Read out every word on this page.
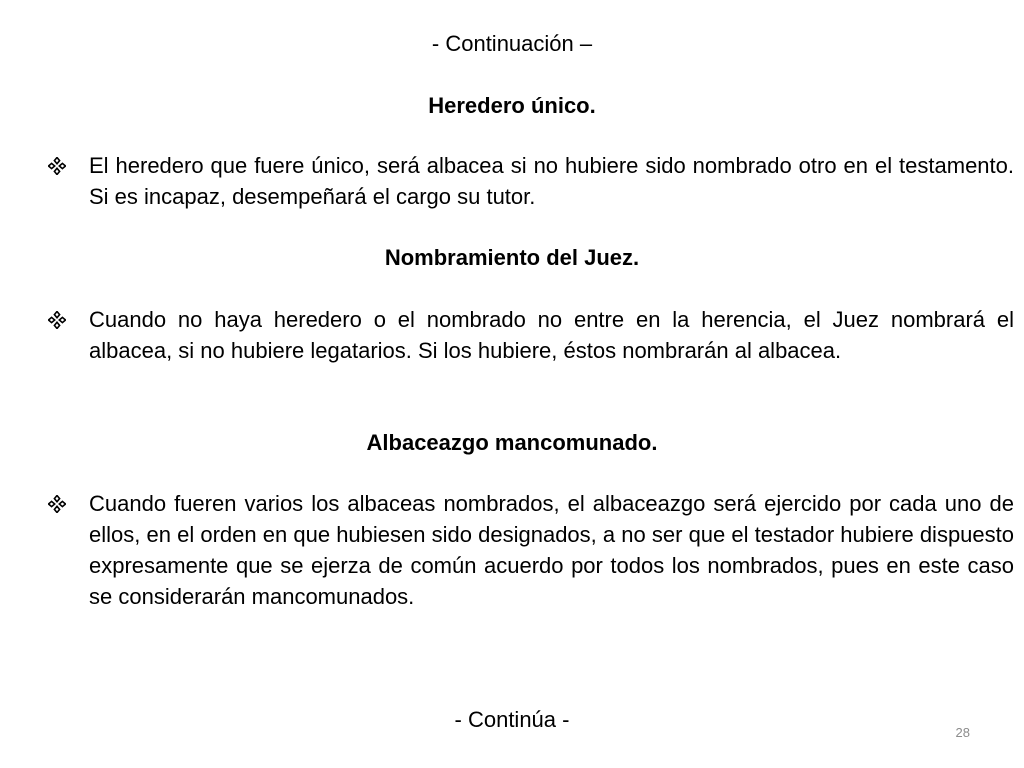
- Continuación –
Heredero único.
El heredero que fuere único, será albacea si no hubiere sido nombrado otro en el testamento. Si es incapaz, desempeñará el cargo su tutor.
Nombramiento del Juez.
Cuando no haya heredero o el nombrado no entre en la herencia, el Juez nombrará el albacea, si no hubiere legatarios. Si los hubiere, éstos nombrarán al albacea.
Albaceazgo mancomunado.
Cuando fueren varios los albaceas nombrados, el albaceazgo será ejercido por cada uno de ellos, en el orden en que hubiesen sido designados, a no ser que el testador hubiere dispuesto expresamente que se ejerza de común acuerdo por todos los nombrados, pues en este caso se considerarán mancomunados.
- Continúa -
28
